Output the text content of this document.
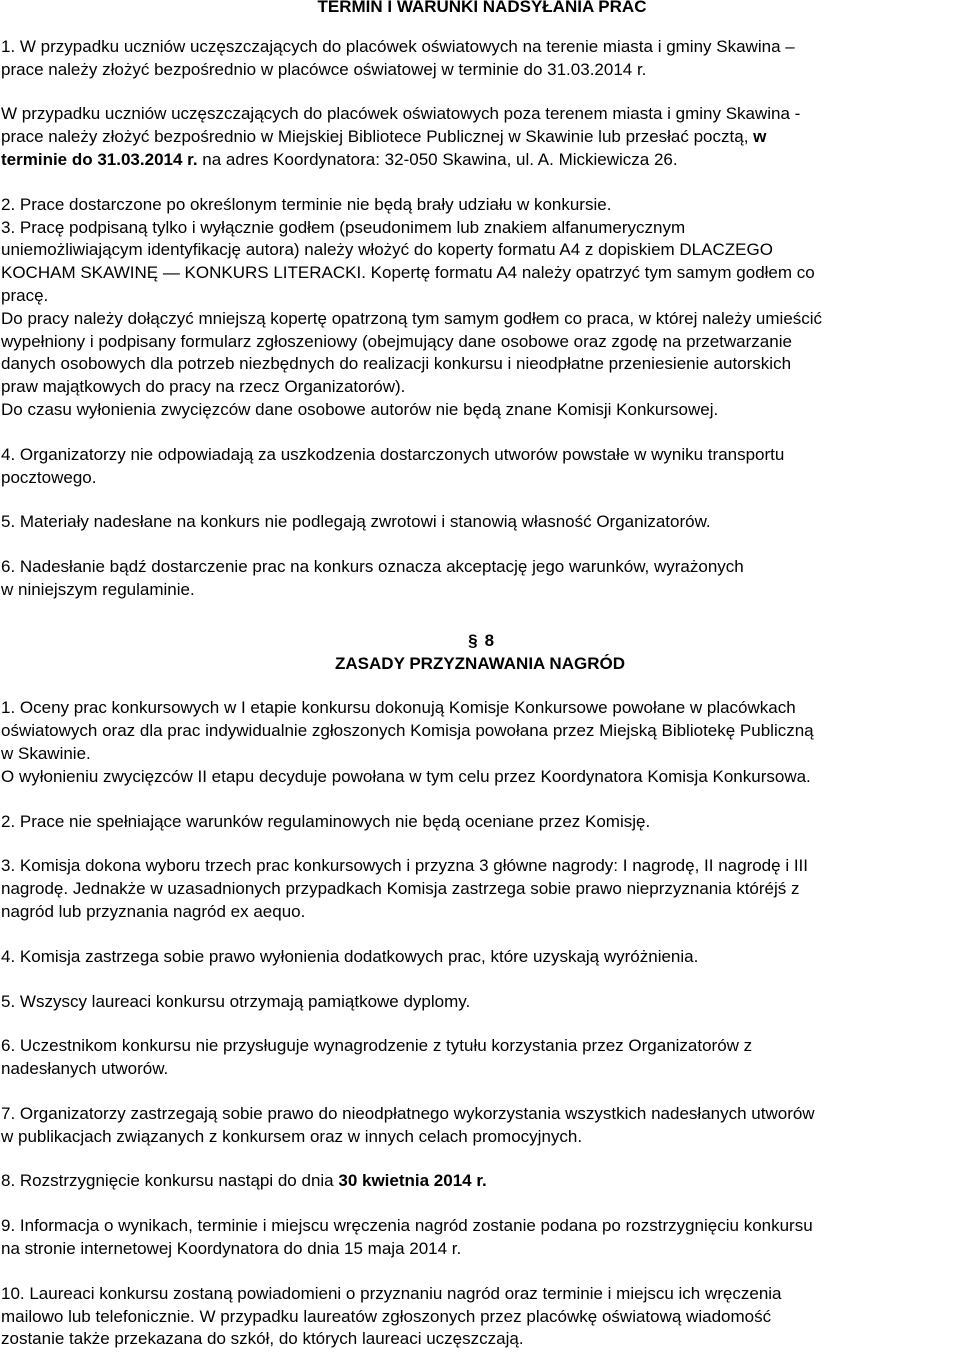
TERMIN I WARUNKI NADSYŁANIA PRAC

1. W przypadku uczniów uczęszczających do placówek oświatowych na terenie miasta i gminy Skawina –

prace należy złożyć bezpośrednio w placówce oświatowej w terminie do 31.03.2014 r.

W przypadku uczniów uczęszczających do placówek oświatowych poza terenem miasta i gminy Skawina -

prace należy złożyć bezpośrednio w Miejskiej Bibliotece Publicznej w Skawinie lub przesłać pocztą, w

terminie do 31.03.2014 r. na adres Koordynatora: 32-050 Skawina, ul. A. Mickiewicza 26.

2. Prace dostarczone po określonym terminie nie będą brały udziału w konkursie.

3. Pracę podpisaną tylko i wyłącznie godłem (pseudonimem lub znakiem alfanumerycznym

uniemożliwiającym identyfikację autora) należy włożyć do koperty formatu A4 z dopiskiem DLACZEGO

KOCHAM SKAWINĘ — KONKURS LITERACKI. Kopertę formatu A4 należy opatrzyć tym samym godłem co

pracę.

Do pracy należy dołączyć mniejszą kopertę opatrzoną tym samym godłem co praca, w której należy umieścić

wypełniony i podpisany formularz zgłoszeniowy (obejmujący dane osobowe oraz zgodę na przetwarzanie

danych osobowych dla potrzeb niezbędnych do realizacji konkursu i nieodpłatne przeniesienie autorskich

praw majątkowych do pracy na rzecz Organizatorów).

Do czasu wyłonienia zwycięzców dane osobowe autorów nie będą znane Komisji Konkursowej.

4. Organizatorzy nie odpowiadają za uszkodzenia dostarczonych utworów powstałe w wyniku transportu

pocztowego.

5. Materiały nadesłane na konkurs nie podlegają zwrotowi i stanowią własność Organizatorów.

6. Nadesłanie bądź dostarczenie prac na konkurs oznacza akceptację jego warunków, wyrażonych

w niniejszym regulaminie.

§ 8

ZASADY PRZYZNAWANIA NAGRÓD

1. Oceny prac konkursowych w I etapie konkursu dokonują Komisje Konkursowe powołane w placówkach

oświatowych oraz dla prac indywidualnie zgłoszonych Komisja powołana przez Miejską Bibliotekę Publiczną

w Skawinie.

O wyłonieniu zwycięzców II etapu decyduje powołana w tym celu przez Koordynatora Komisja Konkursowa.

2. Prace nie spełniające warunków regulaminowych nie będą oceniane przez Komisję.

3. Komisja dokona wyboru trzech prac konkursowych i przyzna 3 główne nagrody: I nagrodę, II nagrodę i III

nagrodę. Jednakże w uzasadnionych przypadkach Komisja zastrzega sobie prawo nieprzyznania któréjś z

nagród lub przyznania nagród ex aequo.

4. Komisja zastrzega sobie prawo wyłonienia dodatkowych prac, które uzyskają wyróżnienia.

5. Wszyscy laureaci konkursu otrzymają pamiątkowe dyplomy.

6. Uczestnikom konkursu nie przysługuje wynagrodzenie z tytułu korzystania przez Organizatorów z

nadesłanych utworów.

7. Organizatorzy zastrzegają sobie prawo do nieodpłatnego wykorzystania wszystkich nadesłanych utworów

w publikacjach związanych z konkursem oraz w innych celach promocyjnych.

8. Rozstrzygnięcie konkursu nastąpi do dnia 30 kwietnia 2014 r.

9. Informacja o wynikach, terminie i miejscu wręczenia nagród zostanie podana po rozstrzygnięciu konkursu

na stronie internetowej Koordynatora do dnia 15 maja 2014 r.

10. Laureaci konkursu zostaną powiadomieni o przyznaniu nagród oraz terminie i miejscu ich wręczenia

mailowo lub telefonicznie. W przypadku laureatów zgłoszonych przez placówkę oświatową wiadomość

zostanie także przekazana do szkół, do których laureaci uczęszczają.
